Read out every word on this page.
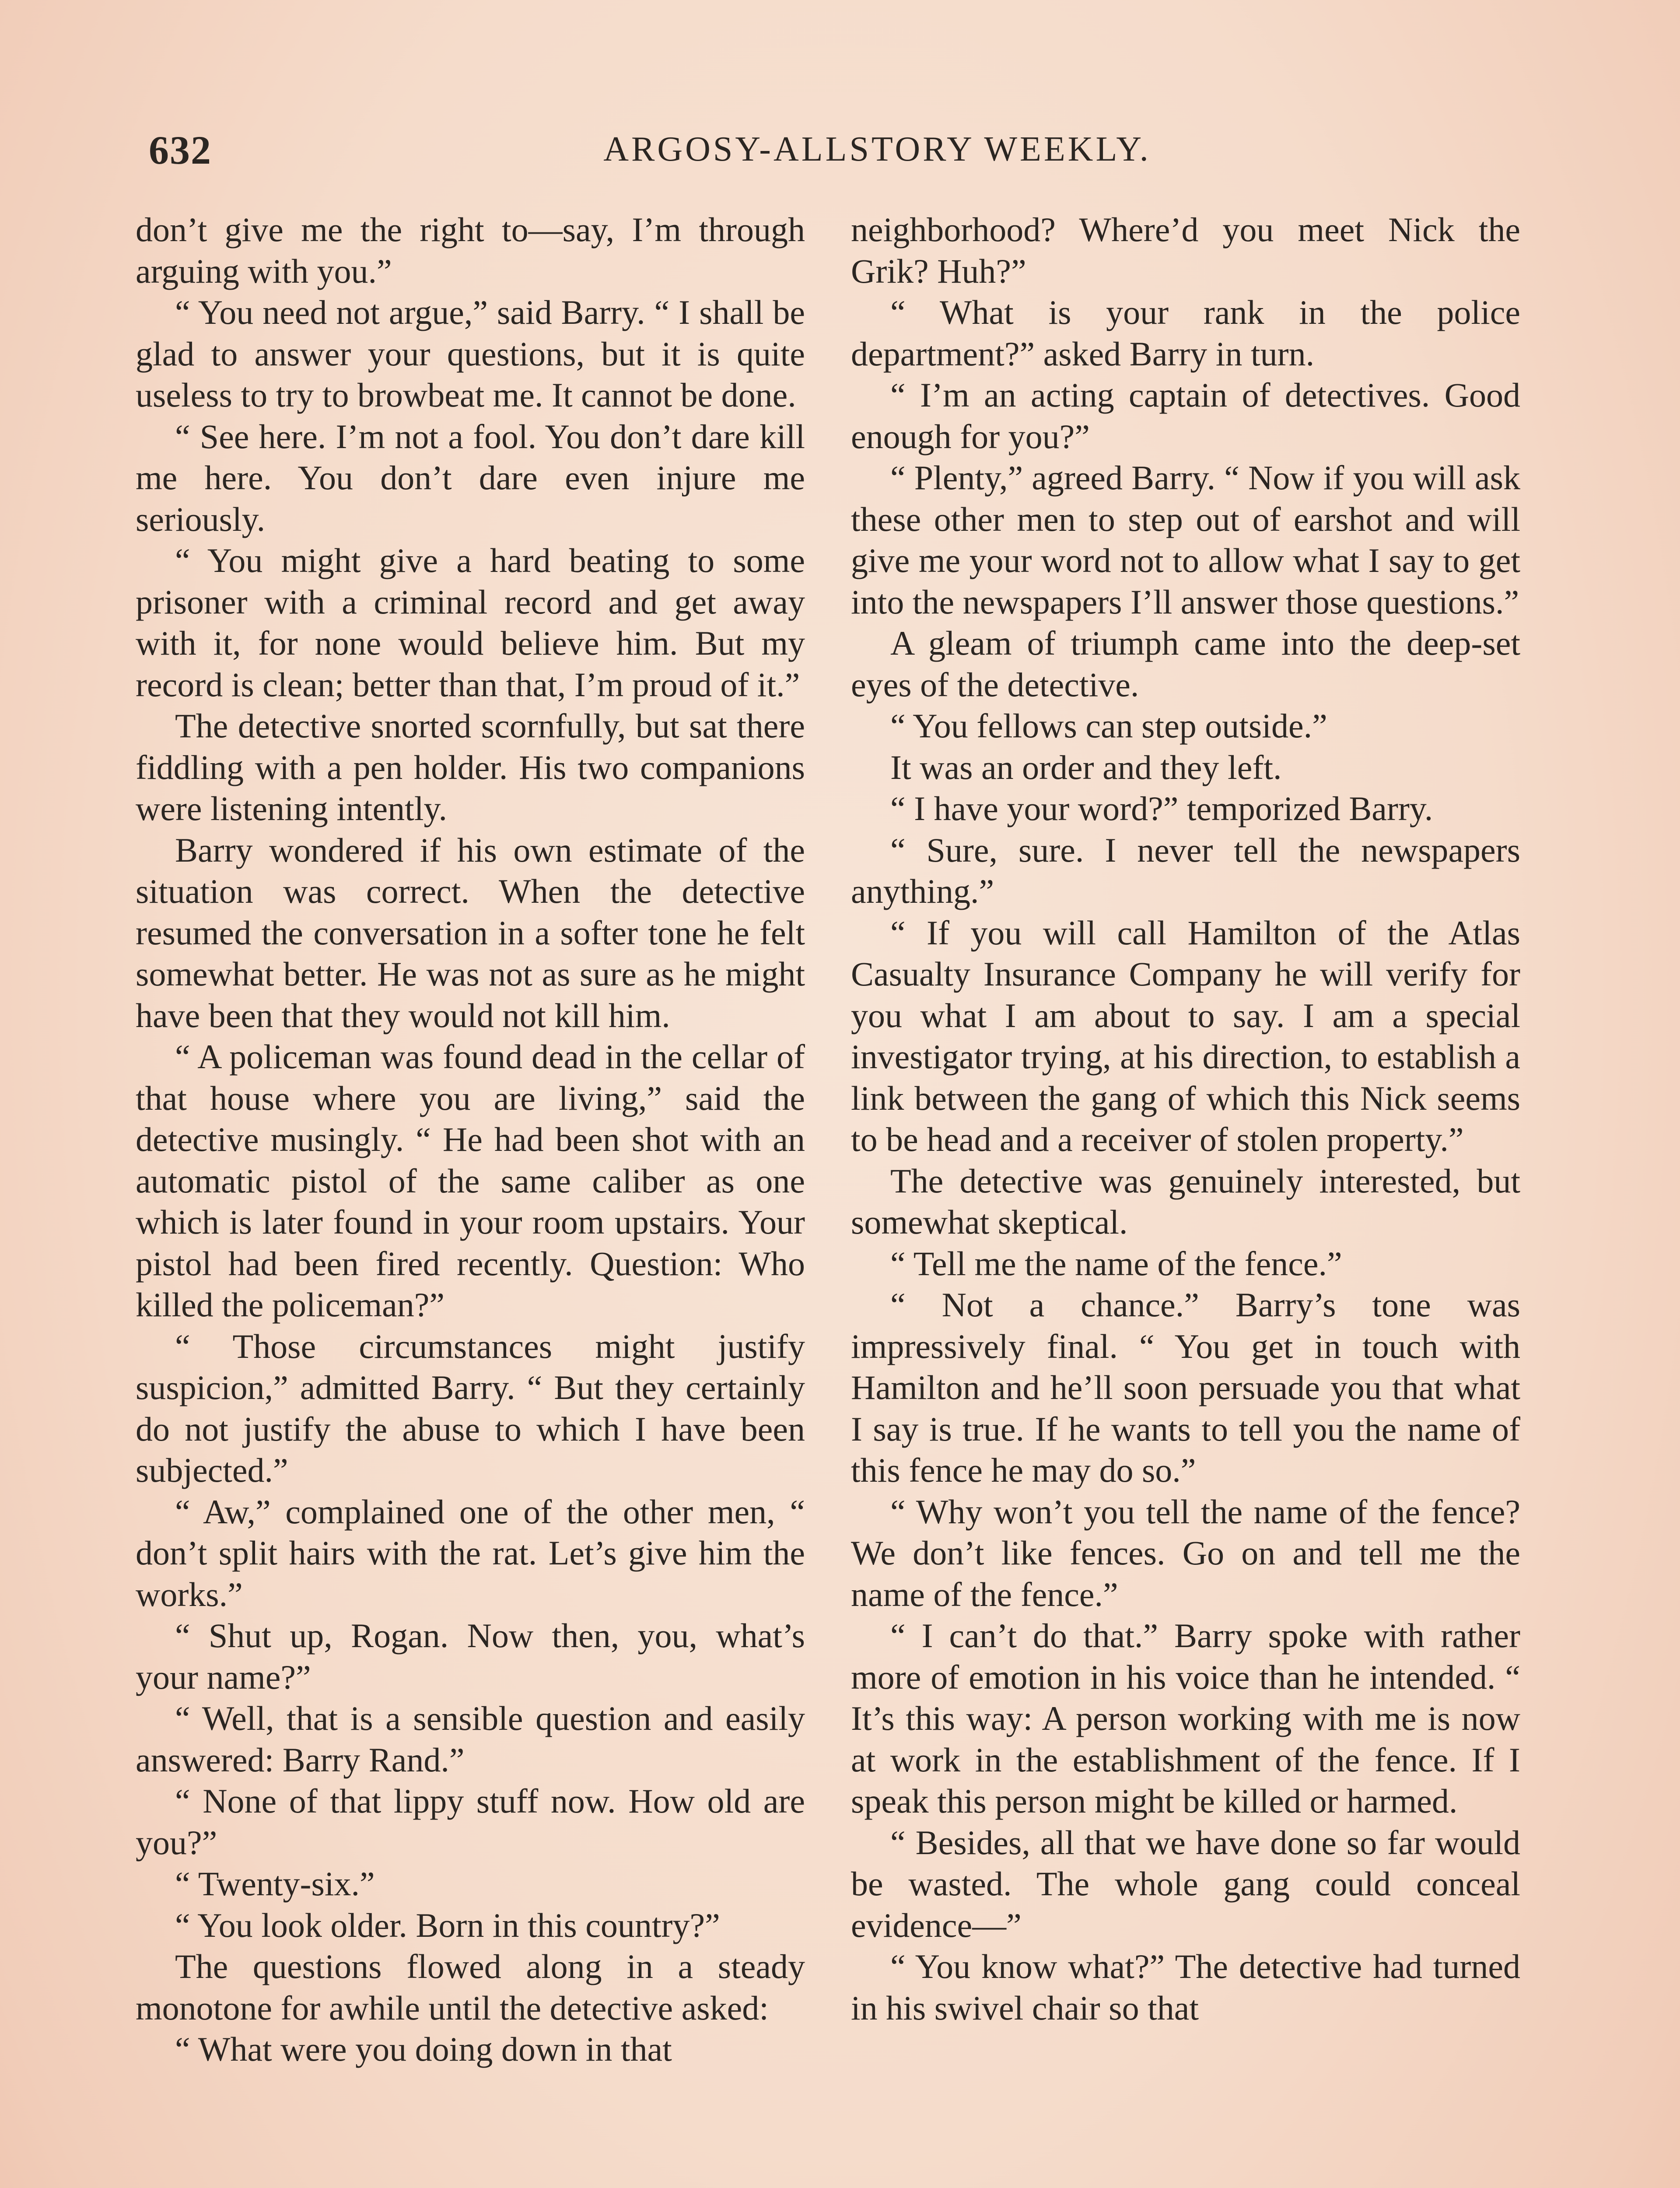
632	ARGOSY-ALLSTORY WEEKLY.

don’t give me the right to—say, I’m through arguing with you.”

“ You need not argue,” said Barry. “ I shall be glad to answer your questions, but it is quite useless to try to browbeat me. It cannot be done.

“ See here. I’m not a fool. You don’t dare kill me here. You don’t dare even injure me seriously.

“ You might give a hard beating to some prisoner with a criminal record and get away with it, for none would believe him. But my record is clean; better than that, I’m proud of it.”

The detective snorted scornfully, but sat there fiddling with a pen holder. His two companions were listening intently.

Barry wondered if his own estimate of the situation was correct. When the detective resumed the conversation in a softer tone he felt somewhat better. He was not as sure as he might have been that they would not kill him.

“ A policeman was found dead in the cellar of that house where you are living,” said the detective musingly. “ He had been shot with an automatic pistol of the same caliber as one which is later found in your room upstairs. Your pistol had been fired recently. Question: Who killed the policeman?”

“ Those circumstances might justify suspicion,” admitted Barry. “ But they certainly do not justify the abuse to which I have been subjected.”

“ Aw,” complained one of the other men, “ don’t split hairs with the rat. Let’s give him the works.”

“ Shut up, Rogan. Now then, you, what’s your name?”

“ Well, that is a sensible question and easily answered: Barry Rand.”

“ None of that lippy stuff now. How old are you?”

“ Twenty-six.”

“ You look older. Born in this country?”

The questions flowed along in a steady monotone for awhile until the detective asked:

“ What were you doing down in that

neighborhood? Where’d you meet Nick the Grik? Huh?”

“ What is your rank in the police department?” asked Barry in turn.

“ I’m an acting captain of detectives. Good enough for you?”

“ Plenty,” agreed Barry. “ Now if you will ask these other men to step out of earshot and will give me your word not to allow what I say to get into the newspapers I’ll answer those questions.”

A gleam of triumph came into the deep-set eyes of the detective.

“ You fellows can step outside.”

It was an order and they left.

“ I have your word?” temporized Barry.

“ Sure, sure. I never tell the newspapers anything.”

“ If you will call Hamilton of the Atlas Casualty Insurance Company he will verify for you what I am about to say. I am a special investigator trying, at his direction, to establish a link between the gang of which this Nick seems to be head and a receiver of stolen property.”

The detective was genuinely interested, but somewhat skeptical.

“ Tell me the name of the fence.”

“ Not a chance.” Barry’s tone was impressively final. “ You get in touch with Hamilton and he’ll soon persuade you that what I say is true. If he wants to tell you the name of this fence he may do so.”

“ Why won’t you tell the name of the fence? We don’t like fences. Go on and tell me the name of the fence.”

“ I can’t do that.” Barry spoke with rather more of emotion in his voice than he intended. “ It’s this way: A person working with me is now at work in the establishment of the fence. If I speak this person might be killed or harmed.

“ Besides, all that we have done so far would be wasted. The whole gang could conceal evidence—”

“ You know what?” The detective had turned in his swivel chair so that
